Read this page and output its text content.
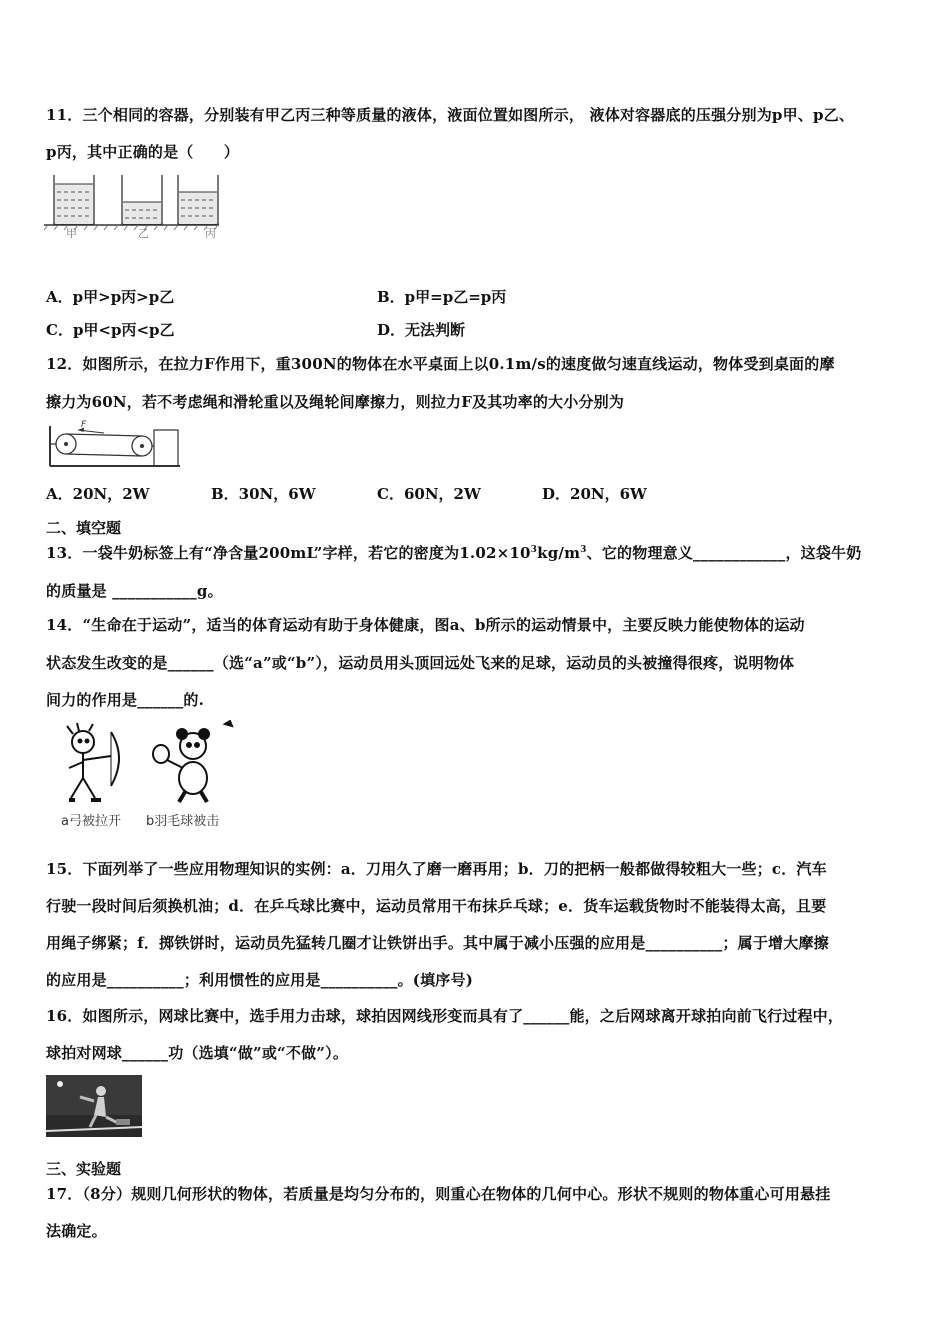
11．三个相同的容器，分别装有甲乙丙三种等质量的液体，液面位置如图所示， 液体对容器底的压强分别为p甲、p乙、
p丙，其中正确的是（　　）
甲	乙	丙
A．p甲>p丙>p乙	B．p甲=p乙=p丙
C．p甲<p丙<p乙	D．无法判断
12．如图所示，在拉力F作用下，重300N的物体在水平桌面上以0.1m/s的速度做匀速直线运动，物体受到桌面的摩
擦力为60N，若不考虑绳和滑轮重以及绳轮间摩擦力，则拉力F及其功率的大小分别为
F
A．20N，2W	B．30N，6W	C．60N，2W	D．20N，6W
二、填空题
13．一袋牛奶标签上有“净含量200mL”字样，若它的密度为$1.02\times 10^3kg/m^3$、它的物理意义____________，这袋牛奶
的质量是 ___________g。
14．“生命在于运动”，适当的体育运动有助于身体健康，图a、b所示的运动情景中，主要反映力能使物体的运动
状态发生改变的是______（选“a”或“b”），运动员用头顶回远处飞来的足球，运动员的头被撞得很疼，说明物体
间力的作用是______的.
a弓被拉开 b羽毛球被击
15．下面列举了一些应用物理知识的实例：a．刀用久了磨一磨再用；b．刀的把柄一般都做得较粗大一些；c．汽车
行驶一段时间后须换机油；d．在乒乓球比赛中，运动员常用干布抹乒乓球；e．货车运载货物时不能装得太高，且要
用绳子绑紧；f．掷铁饼时，运动员先猛转几圈才让铁饼出手。其中属于减小压强的应用是__________；属于增大摩擦
的应用是__________；利用惯性的应用是__________。(填序号)
16．如图所示，网球比赛中，选手用力击球，球拍因网线形变而具有了______能，之后网球离开球拍向前飞行过程中，
球拍对网球______功（选填“做”或“不做”）。
三、实验题
17．（8分）规则几何形状的物体，若质量是均匀分布的，则重心在物体的几何中心。形状不规则的物体重心可用悬挂
法确定。
